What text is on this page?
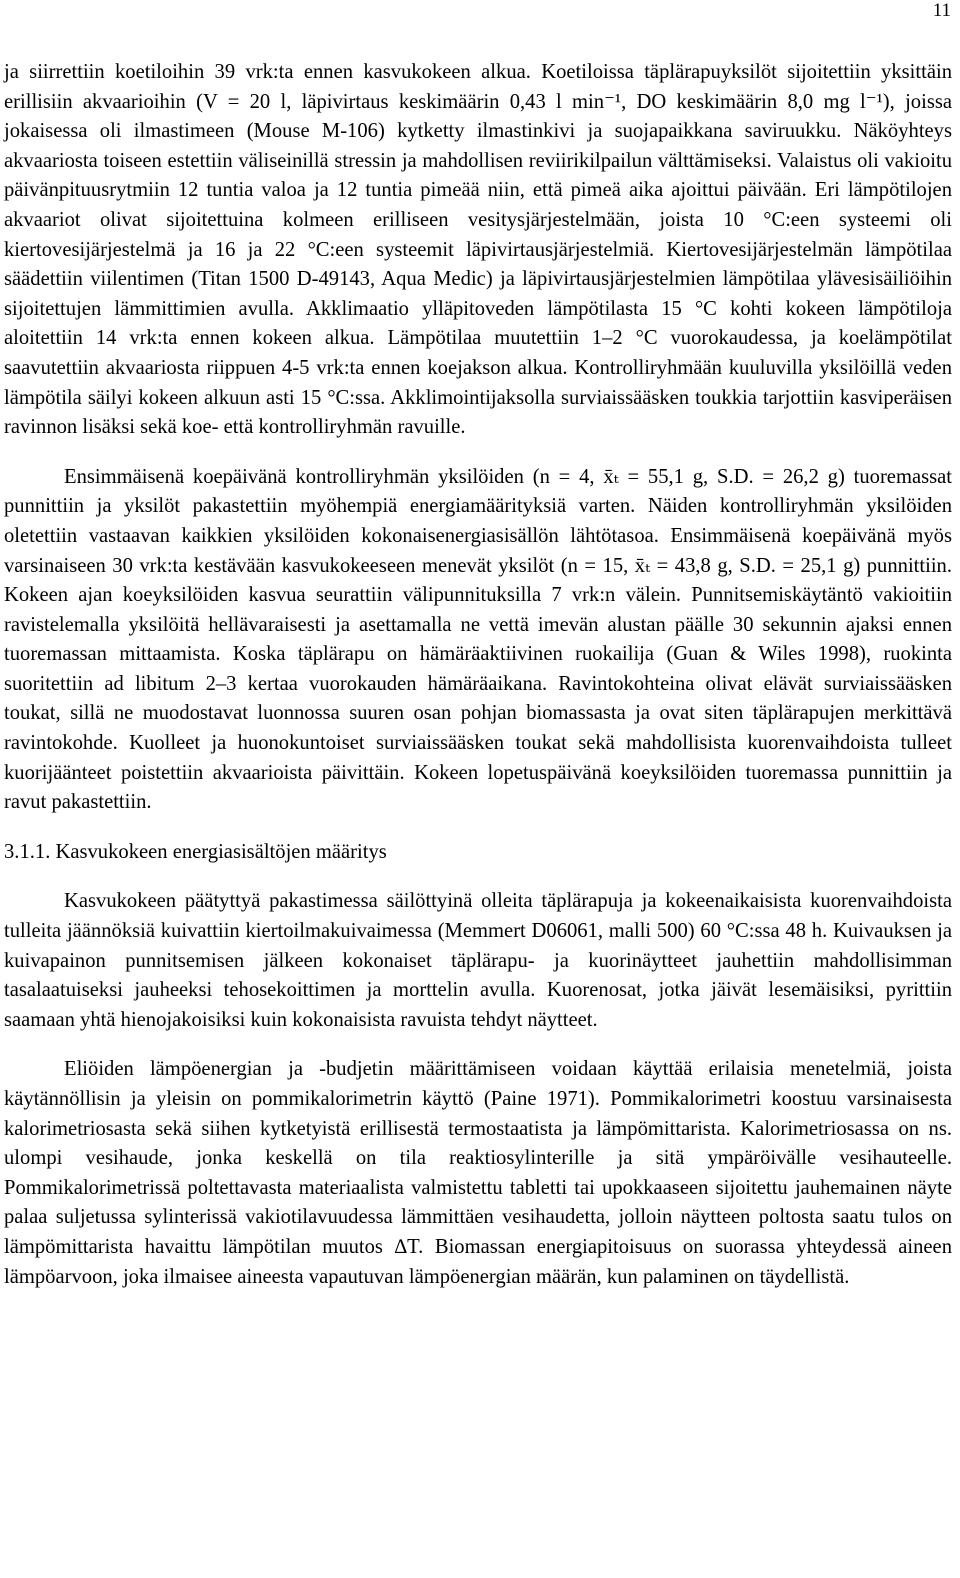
11

ja siirrettiin koetiloihin 39 vrk:ta ennen kasvukokeen alkua. Koetiloissa täplärapuyksilöt sijoitettiin yksittäin erillisiin akvaarioihin (V = 20 l, läpivirtaus keskimäärin 0,43 l min⁻¹, DO keskimäärin 8,0 mg l⁻¹), joissa jokaisessa oli ilmastimeen (Mouse M-106) kytketty ilmastinkivi ja suojapaikkana saviruukku. Näköyhteys akvaariosta toiseen estettiin väliseinillä stressin ja mahdollisen reviirikilpailun välttämiseksi. Valaistus oli vakioitu päivänpituusrytmiin 12 tuntia valoa ja 12 tuntia pimeää niin, että pimeä aika ajoittui päivään. Eri lämpötilojen akvaariot olivat sijoitettuina kolmeen erilliseen vesitysjärjestelmään, joista 10 °C:een systeemi oli kiertovesijärjestelmä ja 16 ja 22 °C:een systeemit läpivirtausjärjestelmiä. Kiertovesijärjestelmän lämpötilaa säädettiin viilentimen (Titan 1500 D-49143, Aqua Medic) ja läpivirtausjärjestelmien lämpötilaa ylävesisäiliöihin sijoitettujen lämmittimien avulla. Akklimaatio ylläpitoveden lämpötilasta 15 °C kohti kokeen lämpötiloja aloitettiin 14 vrk:ta ennen kokeen alkua. Lämpötilaa muutettiin 1–2 °C vuorokaudessa, ja koelämpötilat saavutettiin akvaariosta riippuen 4-5 vrk:ta ennen koejakson alkua. Kontrolliryhmään kuuluvilla yksilöillä veden lämpötila säilyi kokeen alkuun asti 15 °C:ssa. Akklimointijaksolla surviaissääsken toukkia tarjottiin kasviperäisen ravinnon lisäksi sekä koe- että kontrolliryhmän ravuille.

Ensimmäisenä koepäivänä kontrolliryhmän yksilöiden (n = 4, x̄ₜ = 55,1 g, S.D. = 26,2 g) tuoremassat punnittiin ja yksilöt pakastettiin myöhempiä energiamäärityksiä varten. Näiden kontrolliryhmän yksilöiden oletettiin vastaavan kaikkien yksilöiden kokonaisenergiasisällön lähtötasoa. Ensimmäisenä koepäivänä myös varsinaiseen 30 vrk:ta kestävään kasvukokeeseen menevät yksilöt (n = 15, x̄ₜ = 43,8 g, S.D. = 25,1 g) punnittiin. Kokeen ajan koeyksilöiden kasvua seurattiin välipunnituksilla 7 vrk:n välein. Punnitsemiskäytäntö vakioitiin ravistelemalla yksilöitä hellävaraisesti ja asettamalla ne vettä imevän alustan päälle 30 sekunnin ajaksi ennen tuoremassan mittaamista. Koska täplärapu on hämäräaktiivinen ruokailija (Guan & Wiles 1998), ruokinta suoritettiin ad libitum 2–3 kertaa vuorokauden hämäräaikana. Ravintokohteina olivat elävät surviaissääsken toukat, sillä ne muodostavat luonnossa suuren osan pohjan biomassasta ja ovat siten täplärapujen merkittävä ravintokohde. Kuolleet ja huonokuntoiset surviaissääsken toukat sekä mahdollisista kuorenvaihdoista tulleet kuorijäänteet poistettiin akvaarioista päivittäin. Kokeen lopetuspäivänä koeyksilöiden tuoremassa punnittiin ja ravut pakastettiin.

3.1.1. Kasvukokeen energiasisältöjen määritys

Kasvukokeen päätyttyä pakastimessa säilöttyinä olleita täplärapuja ja kokeenaikaisista kuorenvaihdoista tulleita jäännöksiä kuivattiin kiertoilmakuivaimessa (Memmert D06061, malli 500) 60 °C:ssa 48 h. Kuivauksen ja kuivapainon punnitsemisen jälkeen kokonaiset täplärapu- ja kuorinäytteet jauhettiin mahdollisimman tasalaatuiseksi jauheeksi tehosekoittimen ja morttelin avulla. Kuorenosat, jotka jäivät lesemäisiksi, pyrittiin saamaan yhtä hienojakoisiksi kuin kokonaisista ravuista tehdyt näytteet.

Eliöiden lämpöenergian ja -budjetin määrittämiseen voidaan käyttää erilaisia menetelmiä, joista käytännöllisin ja yleisin on pommikalorimetrin käyttö (Paine 1971). Pommikalorimetri koostuu varsinaisesta kalorimetriosasta sekä siihen kytketyistä erillisestä termostaatista ja lämpömittarista. Kalorimetriosassa on ns. ulompi vesihaude, jonka keskellä on tila reaktiosylinterille ja sitä ympäröivälle vesihauteelle. Pommikalorimetrissä poltettavasta materiaalista valmistettu tabletti tai upokkaaseen sijoitettu jauhemainen näyte palaa suljetussa sylinterissä vakiotilavuudessa lämmittäen vesihaudetta, jolloin näytteen poltosta saatu tulos on lämpömittarista havaittu lämpötilan muutos ∆T. Biomassan energiapitoisuus on suorassa yhteydessä aineen lämpöarvoon, joka ilmaisee aineesta vapautuvan lämpöenergian määrän, kun palaminen on täydellistä.
